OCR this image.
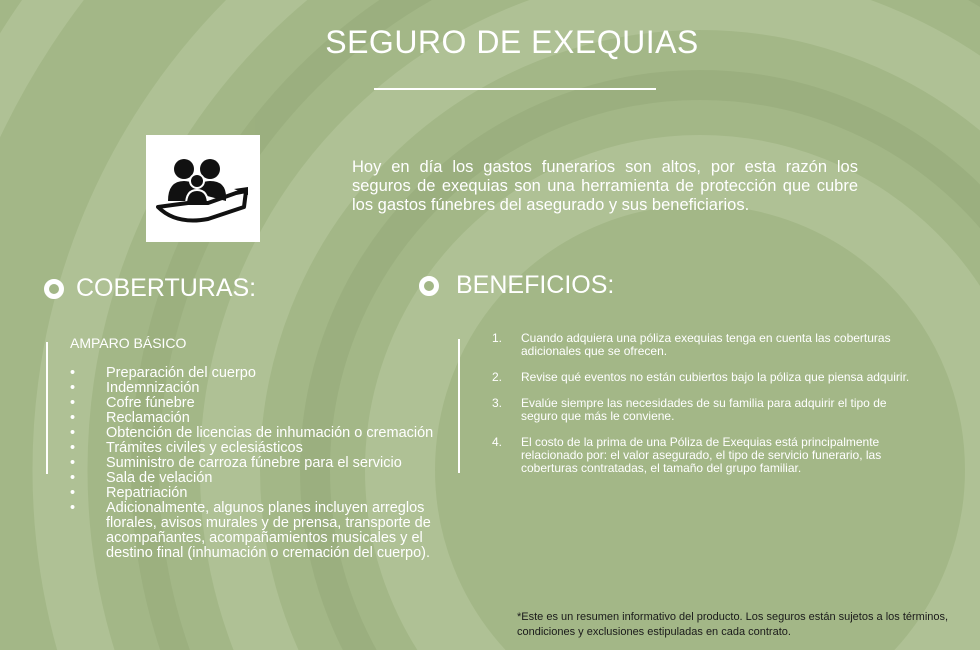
SEGURO DE EXEQUIAS

Hoy en día los gastos funerarios son altos, por esta razón los seguros de exequias son una herramienta de protección que cubre los gastos fúnebres del asegurado y sus beneficiarios.

COBERTURAS:
AMPARO BÁSICO
• Preparación del cuerpo
• Indemnización
• Cofre fúnebre
• Reclamación
• Obtención de licencias de inhumación o cremación
• Trámites civiles y eclesiásticos
• Suministro de carroza fúnebre para el servicio
• Sala de velación
• Repatriación
• Adicionalmente, algunos planes incluyen arreglos florales, avisos murales y de prensa, transporte de acompañantes, acompañamientos musicales y el destino final (inhumación o cremación del cuerpo).
BENEFICIOS:
1. Cuando adquiera una póliza exequias tenga en cuenta las coberturas adicionales que se ofrecen.
2. Revise qué eventos no están cubiertos bajo la póliza que piensa adquirir.
3. Evalúe siempre las necesidades de su familia para adquirir el tipo de seguro que más le conviene.
4. El costo de la prima de una Póliza de Exequias está principalmente relacionado por: el valor asegurado, el tipo de servicio funerario, las coberturas contratadas, el tamaño del grupo familiar.
*Este es un resumen informativo del producto. Los seguros están sujetos a los términos, condiciones y exclusiones estipuladas en cada contrato.
